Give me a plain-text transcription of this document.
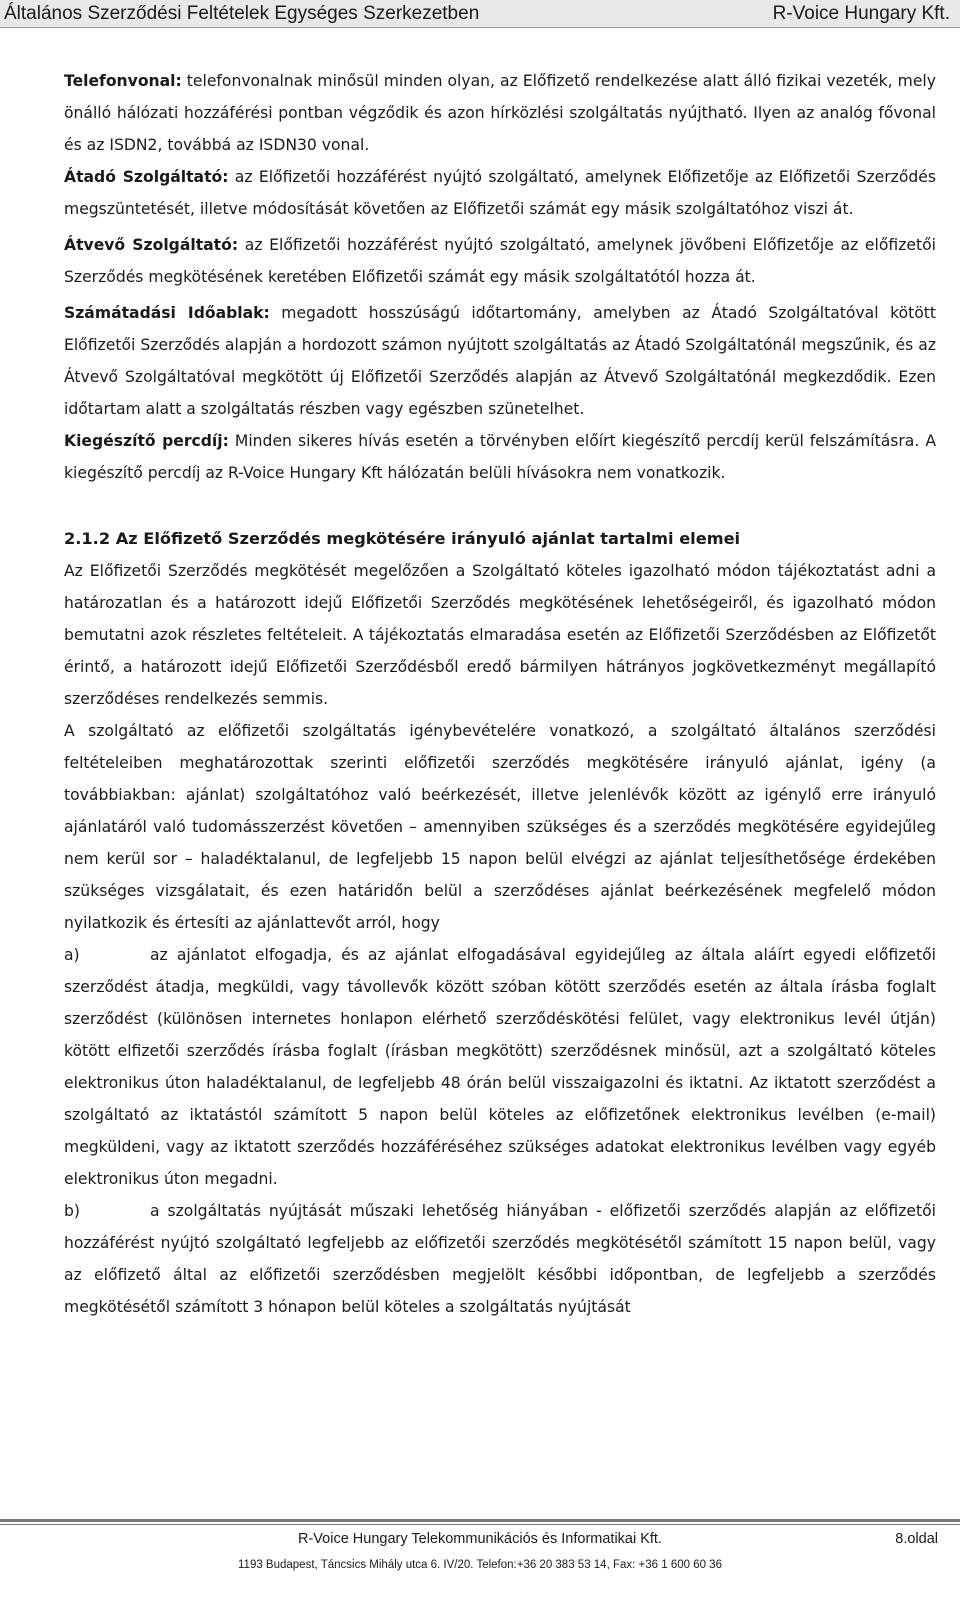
Általános Szerződési Feltételek Egységes Szerkezetben	R-Voice Hungary Kft.

Telefonvonal: telefonvonalnak minősül minden olyan, az Előfizető rendelkezése alatt álló fizikai vezeték, mely önálló hálózati hozzáférési pontban végződik és azon hírközlési szolgáltatás nyújtható. Ilyen az analóg fővonal és az ISDN2, továbbá az ISDN30 vonal.

Átadó Szolgáltató: az Előfizetői hozzáférést nyújtó szolgáltató, amelynek Előfizetője az Előfizetői Szerződés megszüntetését, illetve módosítását követően az Előfizetői számát egy másik szolgáltatóhoz viszi át.

Átvevő Szolgáltató: az Előfizetői hozzáférést nyújtó szolgáltató, amelynek jövőbeni Előfizetője az előfizetői Szerződés megkötésének keretében Előfizetői számát egy másik szolgáltatótól hozza át.

Számátadási Időablak: megadott hosszúságú időtartomány, amelyben az Átadó Szolgáltatóval kötött Előfizetői Szerződés alapján a hordozott számon nyújtott szolgáltatás az Átadó Szolgáltatónál megszűnik, és az Átvevő Szolgáltatóval megkötött új Előfizetői Szerződés alapján az Átvevő Szolgáltatónál megkezdődik. Ezen időtartam alatt a szolgáltatás részben vagy egészben szünetelhet.

Kiegészítő percdíj: Minden sikeres hívás esetén a törvényben előírt kiegészítő percdíj kerül felszámításra. A kiegészítő percdíj az R-Voice Hungary Kft hálózatán belüli hívásokra nem vonatkozik.

2.1.2 Az Előfizető Szerződés megkötésére irányuló ajánlat tartalmi elemei

Az Előfizetői Szerződés megkötését megelőzően a Szolgáltató köteles igazolható módon tájékoztatást adni a határozatlan és a határozott idejű Előfizetői Szerződés megkötésének lehetőségeiről, és igazolható módon bemutatni azok részletes feltételeit. A tájékoztatás elmaradása esetén az Előfizetői Szerződésben az Előfizetőt érintő, a határozott idejű Előfizetői Szerződésből eredő bármilyen hátrányos jogkövetkezményt megállapító szerződéses rendelkezés semmis.

A szolgáltató az előfizetői szolgáltatás igénybevételére vonatkozó, a szolgáltató általános szerződési feltételeiben meghatározottak szerinti előfizetői szerződés megkötésére irányuló ajánlat, igény (a továbbiakban: ajánlat) szolgáltatóhoz való beérkezését, illetve jelenlévők között az igénylő erre irányuló ajánlatáról való tudomásszerzést követően – amennyiben szükséges és a szerződés megkötésére egyidejűleg nem kerül sor – haladéktalanul, de legfeljebb 15 napon belül elvégzi az ajánlat teljesíthetősége érdekében szükséges vizsgálatait, és ezen határidőn belül a szerződéses ajánlat beérkezésének megfelelő módon nyilatkozik és értesíti az ajánlattevőt arról, hogy

a)	az ajánlatot elfogadja, és az ajánlat elfogadásával egyidejűleg az általa aláírt egyedi előfizetői szerződést átadja, megküldi, vagy távollevők között szóban kötött szerződés esetén az általa írásba foglalt szerződést (különösen internetes honlapon elérhető szerződéskötési felület, vagy elektronikus levél útján) kötött elfizetői szerződés írásba foglalt (írásban megkötött) szerződésnek minősül, azt a szolgáltató köteles elektronikus úton haladéktalanul, de legfeljebb 48 órán belül visszaigazolni és iktatni. Az iktatott szerződést a szolgáltató az iktatástól számított 5 napon belül köteles az előfizetőnek elektronikus levélben (e-mail) megküldeni, vagy az iktatott szerződés hozzáféréséhez szükséges adatokat elektronikus levélben vagy egyéb elektronikus úton megadni.

b)	a szolgáltatás nyújtását műszaki lehetőség hiányában - előfizetői szerződés alapján az előfizetői hozzáférést nyújtó szolgáltató legfeljebb az előfizetői szerződés megkötésétől számított 15 napon belül, vagy az előfizető által az előfizetői szerződésben megjelölt későbbi időpontban, de legfeljebb a szerződés megkötésétől számított 3 hónapon belül köteles a szolgáltatás nyújtását

R-Voice Hungary Telekommunikációs és Informatikai Kft.	8.oldal
1193 Budapest, Táncsics Mihály utca 6. IV/20. Telefon:+36 20 383 53 14, Fax: +36 1 600 60 36
